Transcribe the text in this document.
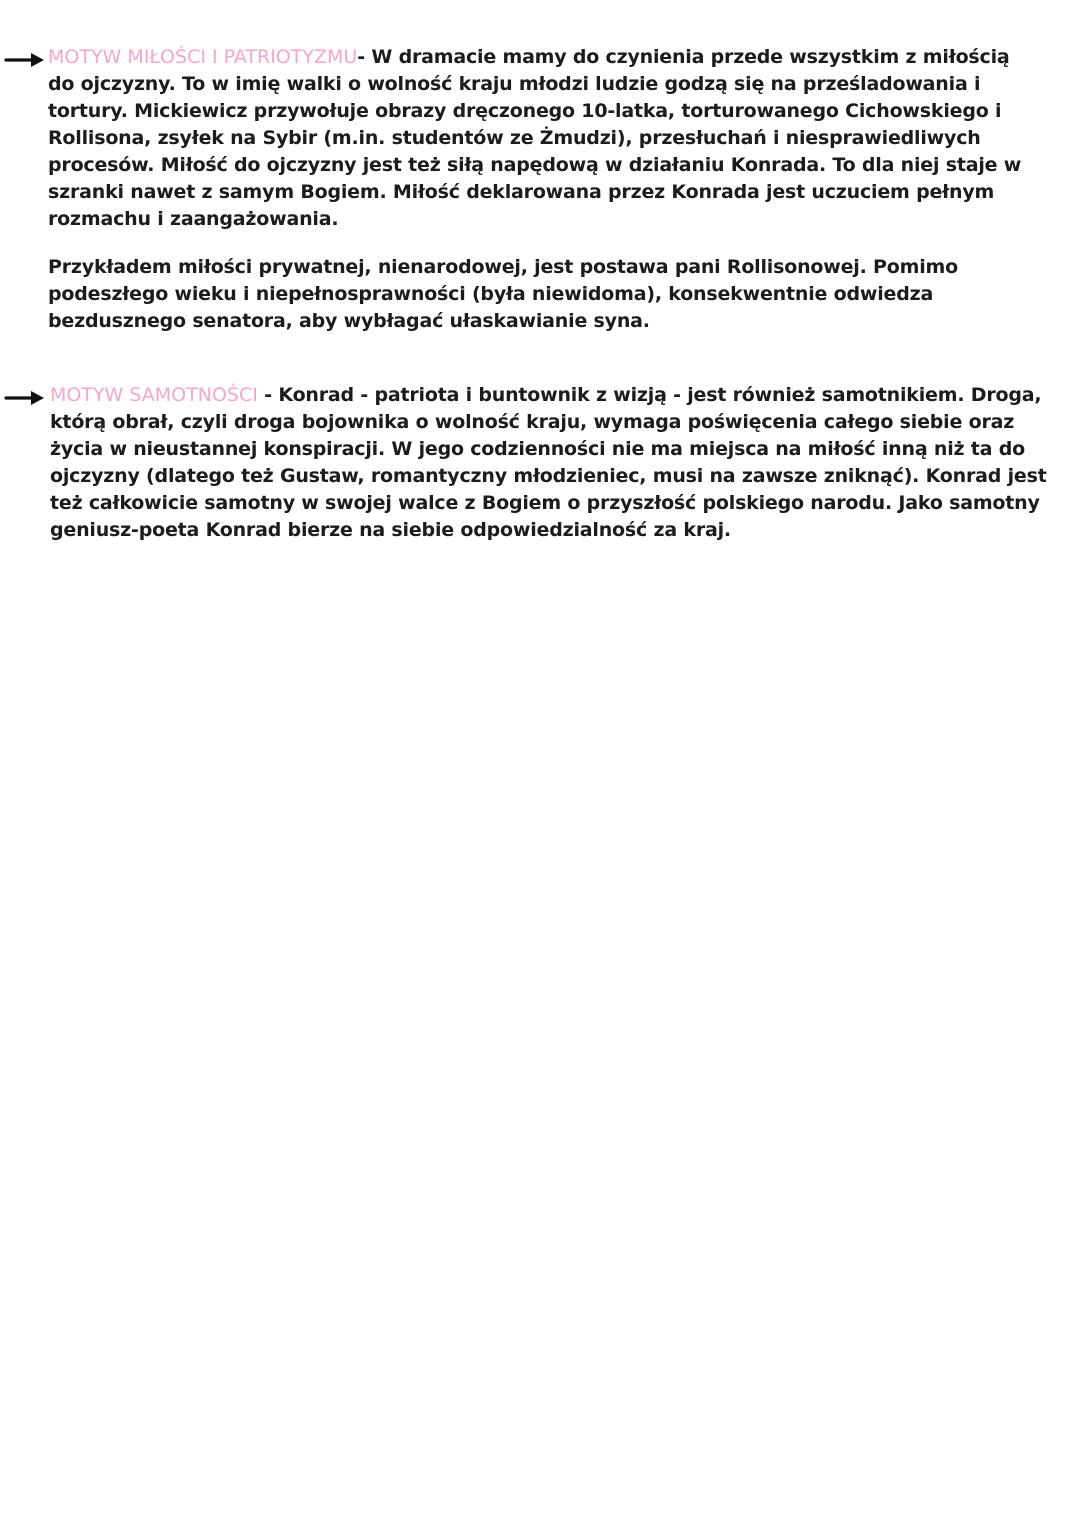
MOTYW MIŁOŚCI I PATRIOTYZMU- W dramacie mamy do czynienia przede wszystkim z miłością do ojczyzny. To w imię walki o wolność kraju młodzi ludzie godzą się na prześladowania i tortury. Mickiewicz przywołuje obrazy dręczonego 10-latka, torturowanego Cichowskiego i Rollisona, zsyłek na Sybir (m.in. studentów ze Żmudzi), przesłuchań i niesprawiedliwych procesów. Miłość do ojczyzny jest też siłą napędową w działaniu Konrada. To dla niej staje w szranki nawet z samym Bogiem. Miłość deklarowana przez Konrada jest uczuciem pełnym rozmachu i zaangażowania.

Przykładem miłości prywatnej, nienarodowej, jest postawa pani Rollisonowej. Pomimo podeszłego wieku i niepełnosprawności (była niewidoma), konsekwentnie odwiedza bezdusznego senatora, aby wybłagać ułaskawianie syna.

MOTYW SAMOTNOŚCI - Konrad - patriota i buntownik z wizją - jest również samotnikiem. Droga, którą obrał, czyli droga bojownika o wolność kraju, wymaga poświęcenia całego siebie oraz życia w nieustannej konspiracji. W jego codzienności nie ma miejsca na miłość inną niż ta do ojczyzny (dlatego też Gustaw, romantyczny młodzieniec, musi na zawsze zniknąć). Konrad jest też całkowicie samotny w swojej walce z Bogiem o przyszłość polskiego narodu. Jako samotny geniusz-poeta Konrad bierze na siebie odpowiedzialność za kraj.
